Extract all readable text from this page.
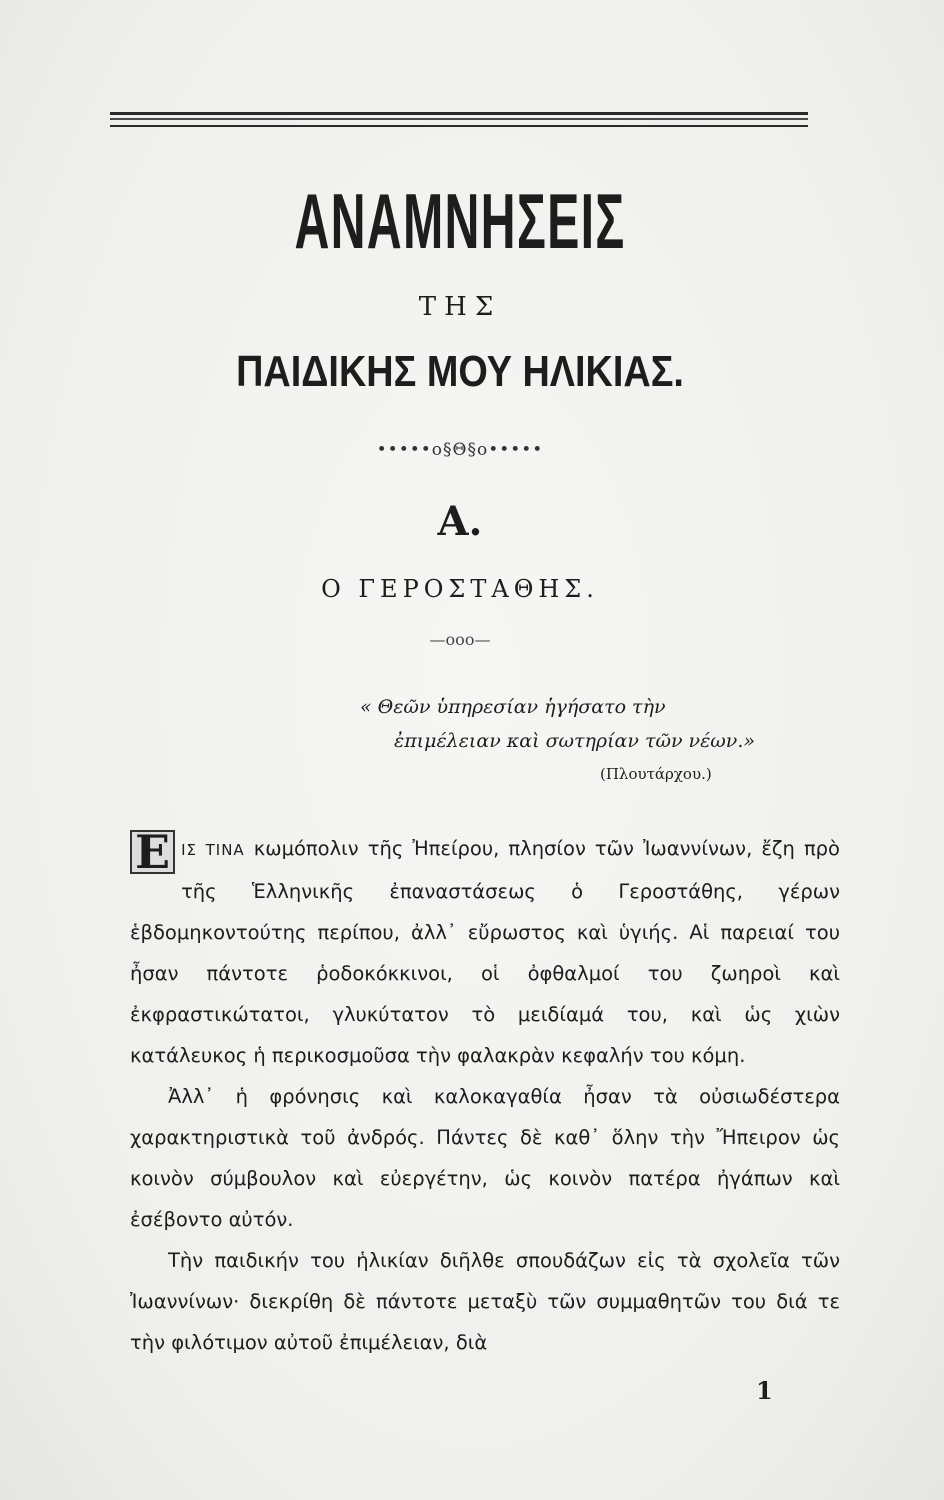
ΑΝΑΜΝΗΣΕΙΣ
ΤΗΣ
ΠΑΙΔΙΚΗΣ ΜΟΥ ΗΛΙΚΙΑΣ.
•••••ο§Θ§ο•••••
Α.
Ο ΓΕΡΟΣΤΑΘΗΣ.
—οοο—
« Θεῶν ὑπηρεσίαν ἡγήσατο τὴν
ἐπιμέλειαν καὶ σωτηρίαν τῶν νέων.»
(Πλουτάρχου.)

Ε ΙΣ ΤΙΝΑ κωμόπολιν τῆς Ἠπείρου, πλησίον τῶν Ἰωαννίνων, ἔζη πρὸ τῆς Ἑλληνικῆς ἐπαναστάσεως ὁ Γεροστάθης, γέρων ἑβδομηκοντούτης περίπου, ἀλλ᾽ εὔρωστος καὶ ὑγιής. Αἱ παρειαί του ἦσαν πάντοτε ῥοδοκόκκινοι, οἱ ὀφθαλμοί του ζωηροὶ καὶ ἐκφραστικώτατοι, γλυκύτατον τὸ μειδίαμά του, καὶ ὡς χιὼν κατάλευκος ἡ περικοσμοῦσα τὴν φαλακρὰν κεφαλήν του κόμη.

Ἀλλ᾽ ἡ φρόνησις καὶ καλοκαγαθία ἦσαν τὰ οὐσιωδέστερα χαρακτηριστικὰ τοῦ ἀνδρός. Πάντες δὲ καθ᾽ ὅλην τὴν Ἤπειρον ὡς κοινὸν σύμβουλον καὶ εὐεργέτην, ὡς κοινὸν πατέρα ἠγάπων καὶ ἐσέβοντο αὐτόν.

Τὴν παιδικήν του ἡλικίαν διῆλθε σπουδάζων εἰς τὰ σχολεῖα τῶν Ἰωαννίνων· διεκρίθη δὲ πάντοτε μεταξὺ τῶν συμμαθητῶν του διά τε τὴν φιλότιμον αὐτοῦ ἐπιμέλειαν, διὰ

1
